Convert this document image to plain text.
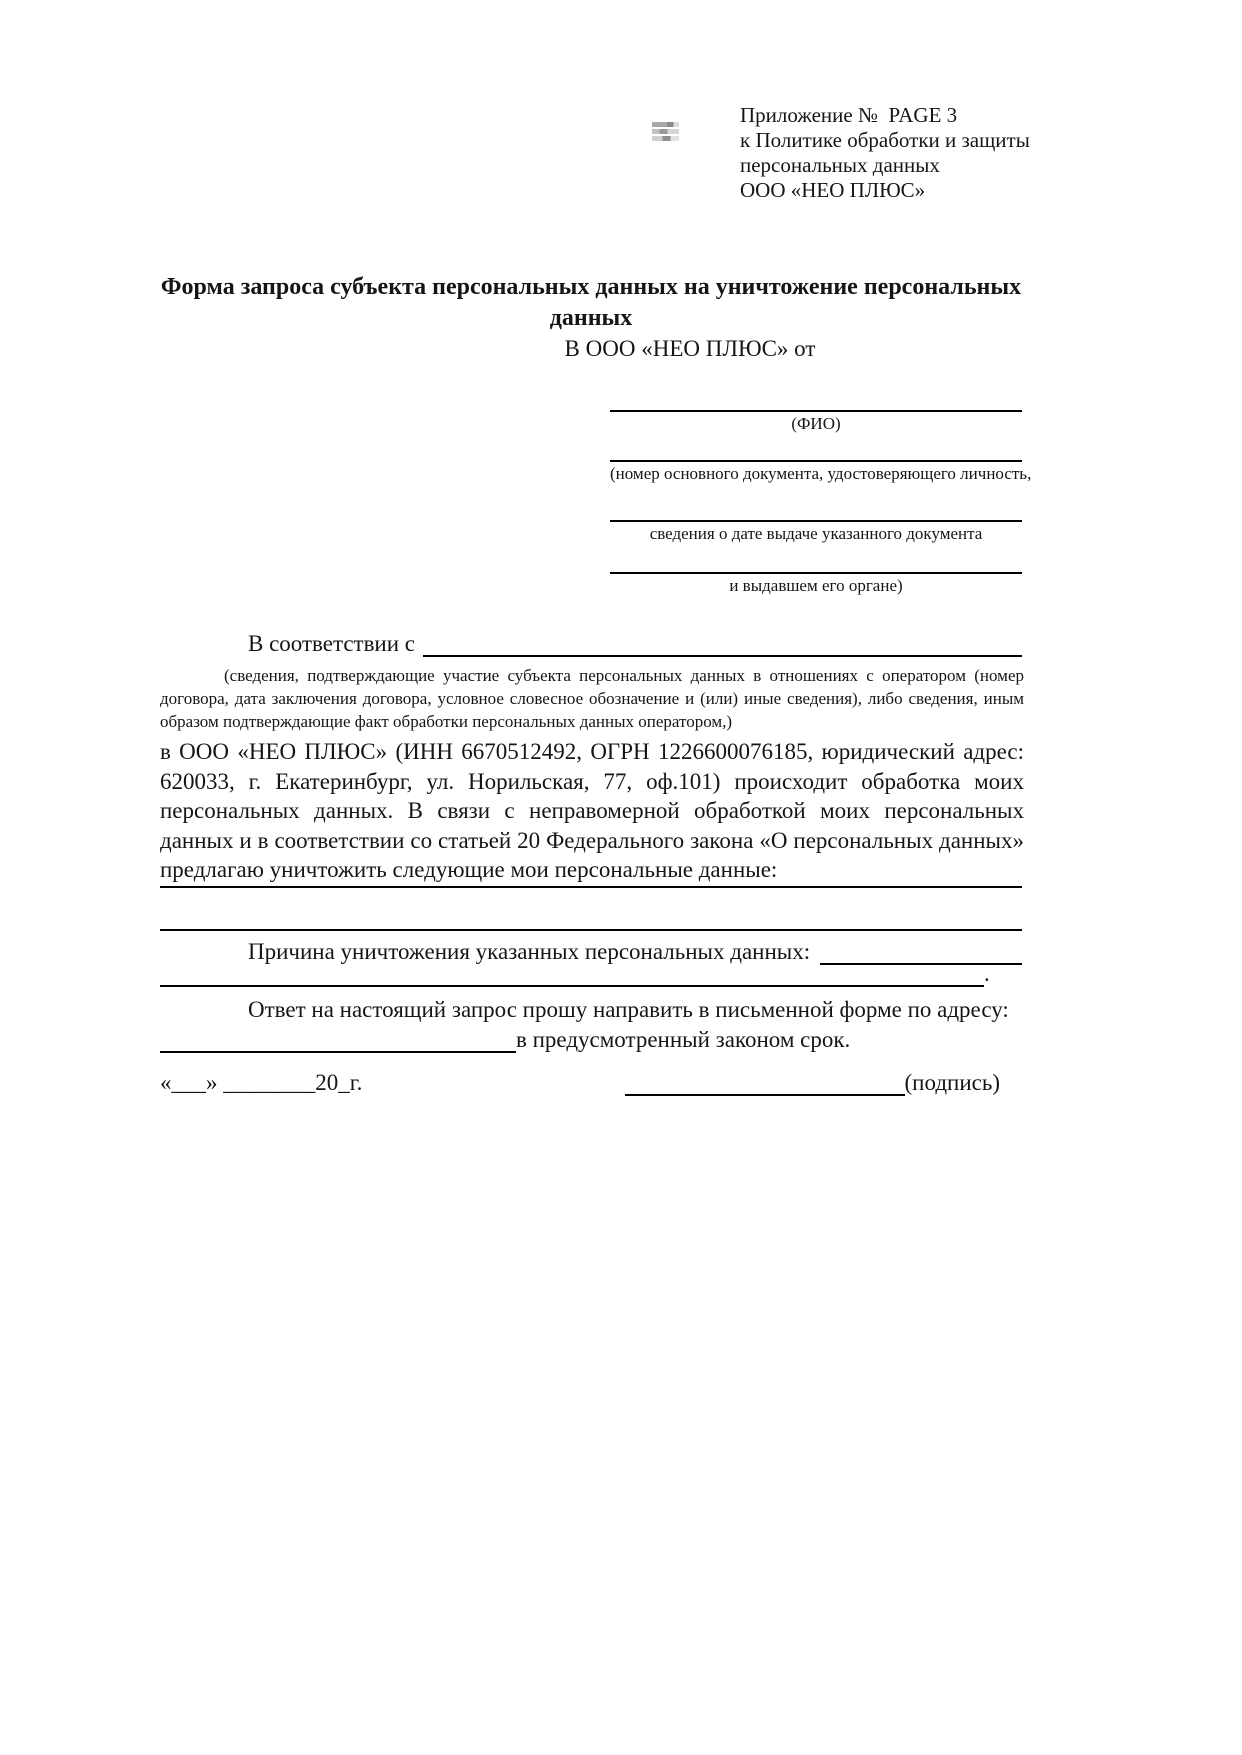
Приложение №  PAGE 3
к Политике обработки и защиты
персональных данных
ООО «НЕО ПЛЮС»
Форма запроса субъекта персональных данных на уничтожение персональных данных
В ООО «НЕО ПЛЮС» от
(ФИО)
(номер основного документа, удостоверяющего личность,
сведения о дате выдаче указанного документа
и выдавшем его органе)
В соответствии с
(сведения, подтверждающие участие субъекта персональных данных в отношениях с оператором (номер договора, дата заключения договора, условное словесное обозначение и (или) иные сведения), либо сведения, иным образом подтверждающие факт обработки персональных данных оператором,)
в ООО «НЕО ПЛЮС» (ИНН 6670512492, ОГРН 1226600076185, юридический адрес: 620033, г. Екатеринбург, ул. Норильская, 77, оф.101) происходит обработка моих персональных данных. В связи с неправомерной обработкой моих персональных данных и в соответствии со статьей 20 Федерального закона «О персональных данных» предлагаю уничтожить следующие мои персональные данные:
Причина уничтожения указанных персональных данных:
.
Ответ на настоящий запрос прошу направить в письменной форме по адресу:
в предусмотренный законом срок.
«___» ________20_г.	(подпись)
